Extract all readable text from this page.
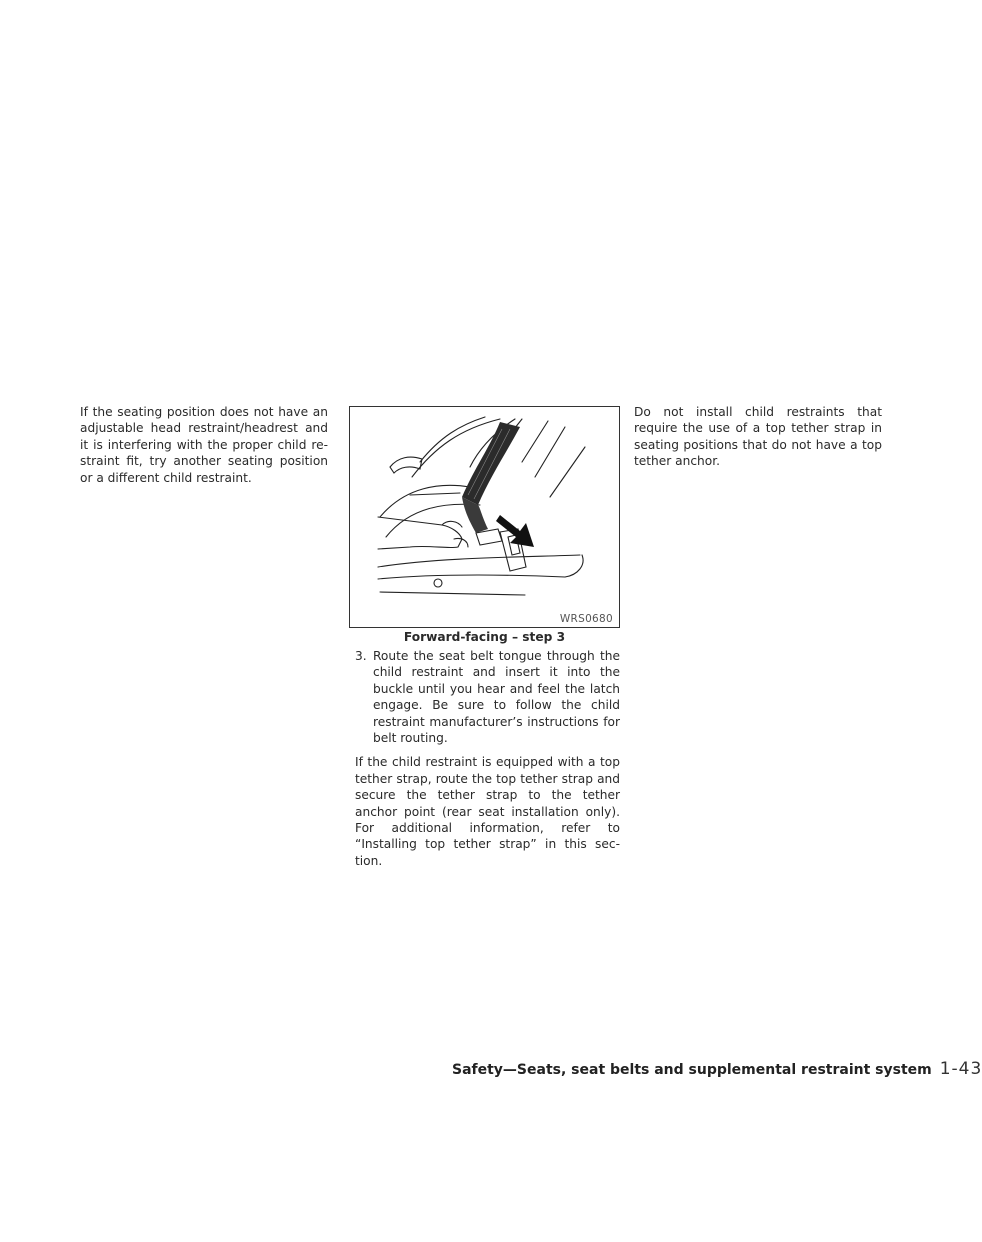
If the seating position does not have an adjustable head restraint/headrest and it is interfering with the proper child re-straint fit, try another seating position or a different child restraint.
WRS0680
Forward-facing – step 3
3. Route the seat belt tongue through the child restraint and insert it into the buckle until you hear and feel the latch engage. Be sure to follow the child restraint manufacturer’s instructions for belt routing.
If the child restraint is equipped with a top tether strap, route the top tether strap and secure the tether strap to the tether anchor point (rear seat installation only). For additional information, refer to “Installing top tether strap” in this sec-tion.
Do not install child restraints that require the use of a top tether strap in seating positions that do not have a top tether anchor.
Safety—Seats, seat belts and supplemental restraint system 1-43
